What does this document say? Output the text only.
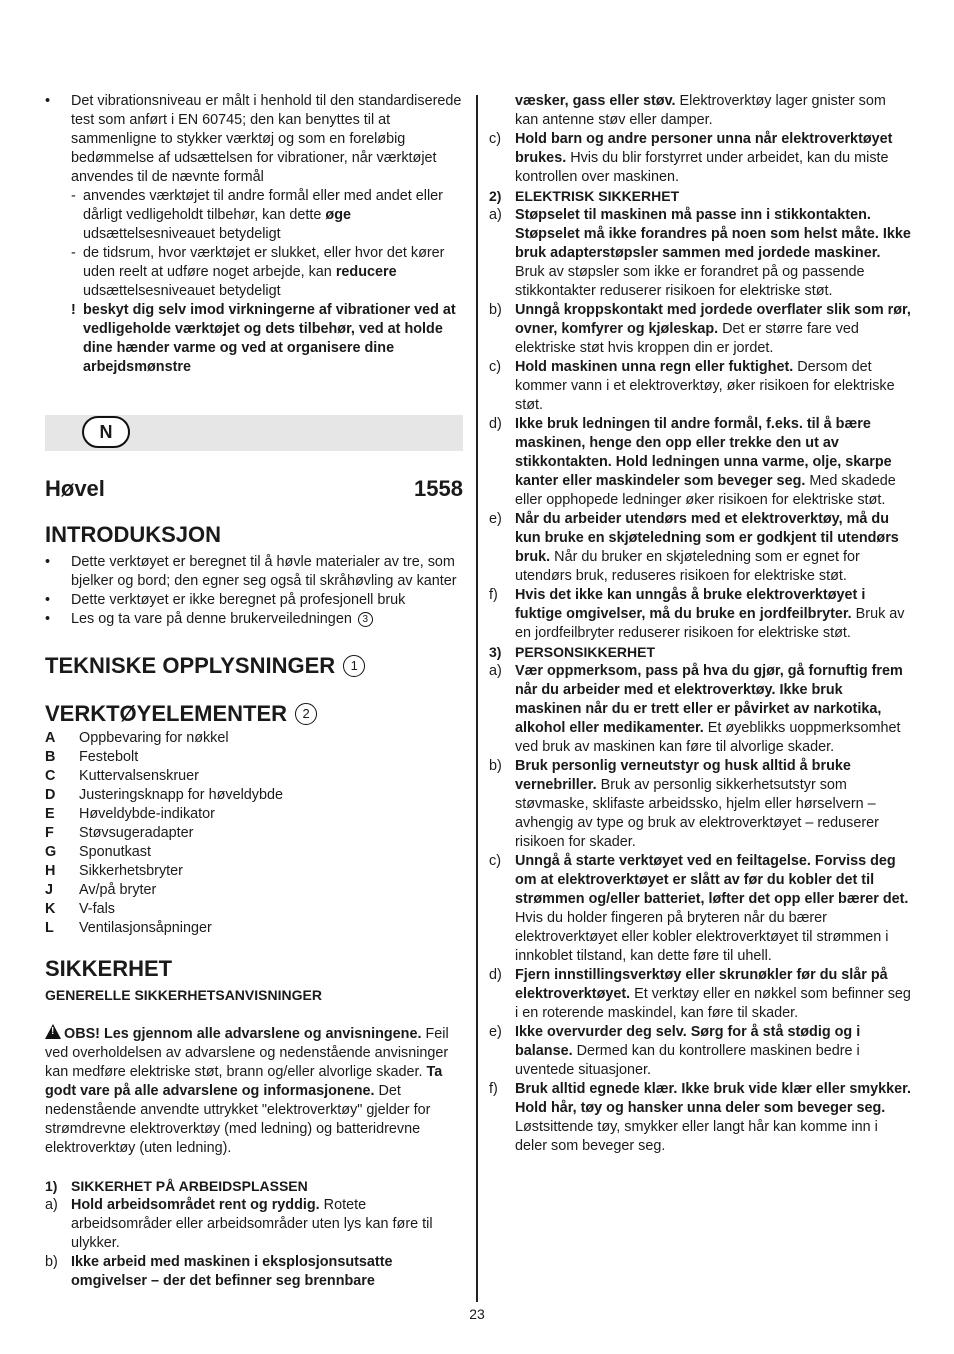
• Det vibrationsniveau er målt i henhold til den standardiserede test som anført i EN 60745; den kan benyttes til at sammenligne to stykker værktøj og som en foreløbig bedømmelse af udsættelsen for vibrationer, når værktøjet anvendes til de nævnte formål
- anvendes værktøjet til andre formål eller med andet eller dårligt vedligeholdt tilbehør, kan dette øge udsættelsesniveauet betydeligt
- de tidsrum, hvor værktøjet er slukket, eller hvor det kører uden reelt at udføre noget arbejde, kan reducere udsættelsesniveauet betydeligt
! beskyt dig selv imod virkningerne af vibrationer ved at vedligeholde værktøjet og dets tilbehør, ved at holde dine hænder varme og ved at organisere dine arbejdsmønstre
N
Høvel	1558
INTRODUKSJON
• Dette verktøyet er beregnet til å høvle materialer av tre, som bjelker og bord; den egner seg også til skråhøvling av kanter
• Dette verktøyet er ikke beregnet på profesjonell bruk
• Les og ta vare på denne brukerveiledningen 3
TEKNISKE OPPLYSNINGER 1
VERKTØYELEMENTER 2
A	Oppbevaring for nøkkel
B	Festebolt
C	Kuttervalsenskruer
D	Justeringsknapp for høveldybde
E	Høveldybde-indikator
F	Støvsugeradapter
G	Sponutkast
H	Sikkerhetsbryter
J	Av/på bryter
K	V-fals
L	Ventilasjonsåpninger
SIKKERHET
GENERELLE SIKKERHETSANVISNINGER

!OBS! Les gjennom alle advarslene og anvisningene. Feil ved overholdelsen av advarslene og nedenstående anvisninger kan medføre elektriske støt, brann og/eller alvorlige skader. Ta godt vare på alle advarslene og informasjonene. Det nedenstående anvendte uttrykket "elektroverktøy" gjelder for strømdrevne elektroverktøy (med ledning) og batteridrevne elektroverktøy (uten ledning).

1) SIKKERHET PÅ ARBEIDSPLASSEN
a) Hold arbeidsområdet rent og ryddig. Rotete arbeidsområder eller arbeidsområder uten lys kan føre til ulykker.
b) Ikke arbeid med maskinen i eksplosjonsutsatte omgivelser – der det befinner seg brennbare
væsker, gass eller støv. Elektroverktøy lager gnister som kan antenne støv eller damper.
c) Hold barn og andre personer unna når elektroverktøyet brukes. Hvis du blir forstyrret under arbeidet, kan du miste kontrollen over maskinen.
2) ELEKTRISK SIKKERHET
a) Støpselet til maskinen må passe inn i stikkontakten. Støpselet må ikke forandres på noen som helst måte. Ikke bruk adapterstøpsler sammen med jordede maskiner. Bruk av støpsler som ikke er forandret på og passende stikkontakter reduserer risikoen for elektriske støt.
b) Unngå kroppskontakt med jordede overflater slik som rør, ovner, komfyrer og kjøleskap. Det er større fare ved elektriske støt hvis kroppen din er jordet.
c) Hold maskinen unna regn eller fuktighet. Dersom det kommer vann i et elektroverktøy, øker risikoen for elektriske støt.
d) Ikke bruk ledningen til andre formål, f.eks. til å bære maskinen, henge den opp eller trekke den ut av stikkontakten. Hold ledningen unna varme, olje, skarpe kanter eller maskindeler som beveger seg. Med skadede eller opphopede ledninger øker risikoen for elektriske støt.
e) Når du arbeider utendørs med et elektroverktøy, må du kun bruke en skjøteledning som er godkjent til utendørs bruk. Når du bruker en skjøteledning som er egnet for utendørs bruk, reduseres risikoen for elektriske støt.
f) Hvis det ikke kan unngås å bruke elektroverktøyet i fuktige omgivelser, må du bruke en jordfeilbryter. Bruk av en jordfeilbryter reduserer risikoen for elektriske støt.
3) PERSONSIKKERHET
a) Vær oppmerksom, pass på hva du gjør, gå fornuftig frem når du arbeider med et elektroverktøy. Ikke bruk maskinen når du er trett eller er påvirket av narkotika, alkohol eller medikamenter. Et øyeblikks uoppmerksomhet ved bruk av maskinen kan føre til alvorlige skader.
b) Bruk personlig verneutstyr og husk alltid å bruke vernebriller. Bruk av personlig sikkerhetsutstyr som støvmaske, sklifaste arbeidssko, hjelm eller hørselvern – avhengig av type og bruk av elektroverktøyet – reduserer risikoen for skader.
c) Unngå å starte verktøyet ved en feiltagelse. Forviss deg om at elektroverktøyet er slått av før du kobler det til strømmen og/eller batteriet, løfter det opp eller bærer det. Hvis du holder fingeren på bryteren når du bærer elektroverktøyet eller kobler elektroverktøyet til strømmen i innkoblet tilstand, kan dette føre til uhell.
d) Fjern innstillingsverktøy eller skrunøkler før du slår på elektroverktøyet. Et verktøy eller en nøkkel som befinner seg i en roterende maskindel, kan føre til skader.
e) Ikke overvurder deg selv. Sørg for å stå stødig og i balanse. Dermed kan du kontrollere maskinen bedre i uventede situasjoner.
f) Bruk alltid egnede klær. Ikke bruk vide klær eller smykker. Hold hår, tøy og hansker unna deler som beveger seg. Løstsittende tøy, smykker eller langt hår kan komme inn i deler som beveger seg.
23
